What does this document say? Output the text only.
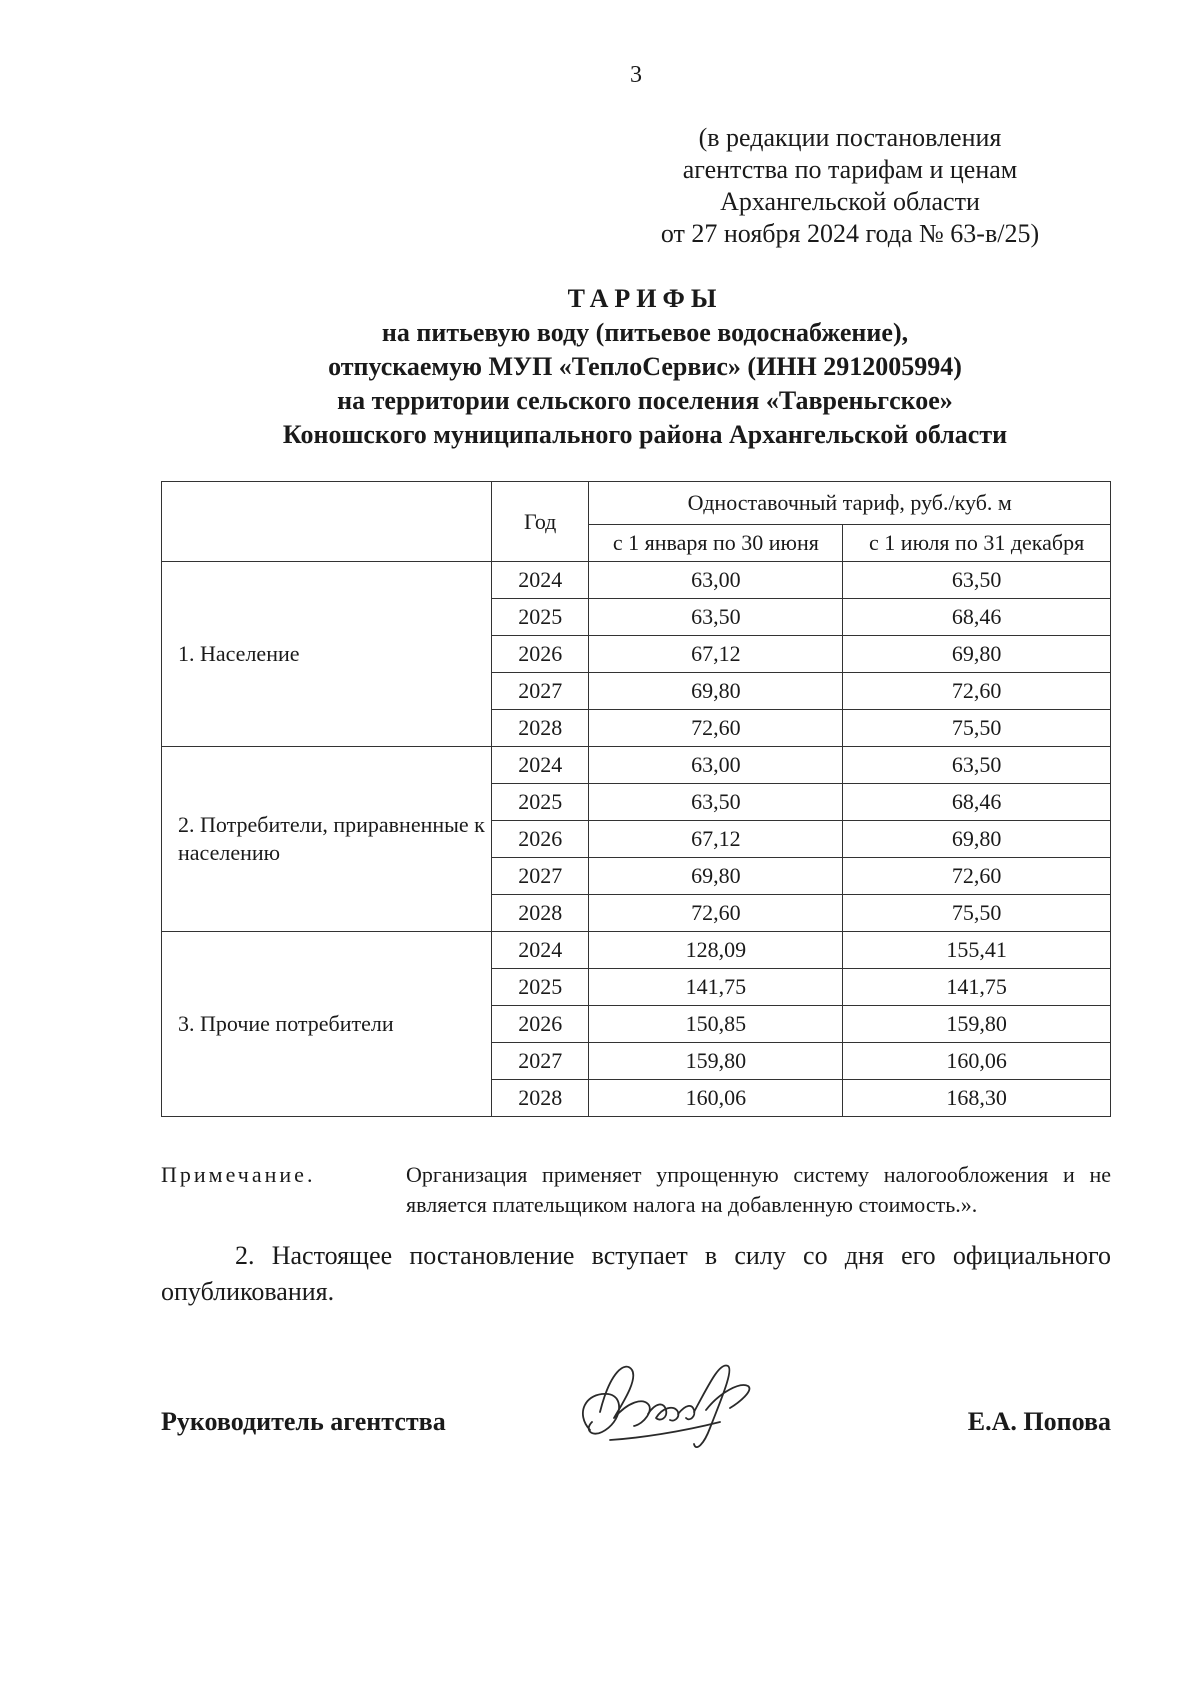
3
(в редакции постановления
агентства по тарифам и ценам
Архангельской области
от 27 ноября 2024 года № 63-в/25)
ТАРИФЫ
на питьевую воду (питьевое водоснабжение),
отпускаемую МУП «ТеплоСервис» (ИНН 2912005994)
на территории сельского поселения «Тавреньгское»
Коношского муниципального района Архангельской области
	Год	Одноставочный тариф, руб./куб. м	
		с 1 января по 30 июня	с 1 июля по 31 декабря
1. Население	2024	63,00	63,50
	2025	63,50	68,46
	2026	67,12	69,80
	2027	69,80	72,60
	2028	72,60	75,50
2. Потребители, приравненные к населению	2024	63,00	63,50
	2025	63,50	68,46
	2026	67,12	69,80
	2027	69,80	72,60
	2028	72,60	75,50
3. Прочие потребители	2024	128,09	155,41
	2025	141,75	141,75
	2026	150,85	159,80
	2027	159,80	160,06
	2028	160,06	168,30
Примечание.	Организация применяет упрощенную систему налогообложения и не является плательщиком налога на добавленную стоимость.».
2. Настоящее постановление вступает в силу со дня его официального опубликования.
Руководитель агентства	Е.А. Попова
